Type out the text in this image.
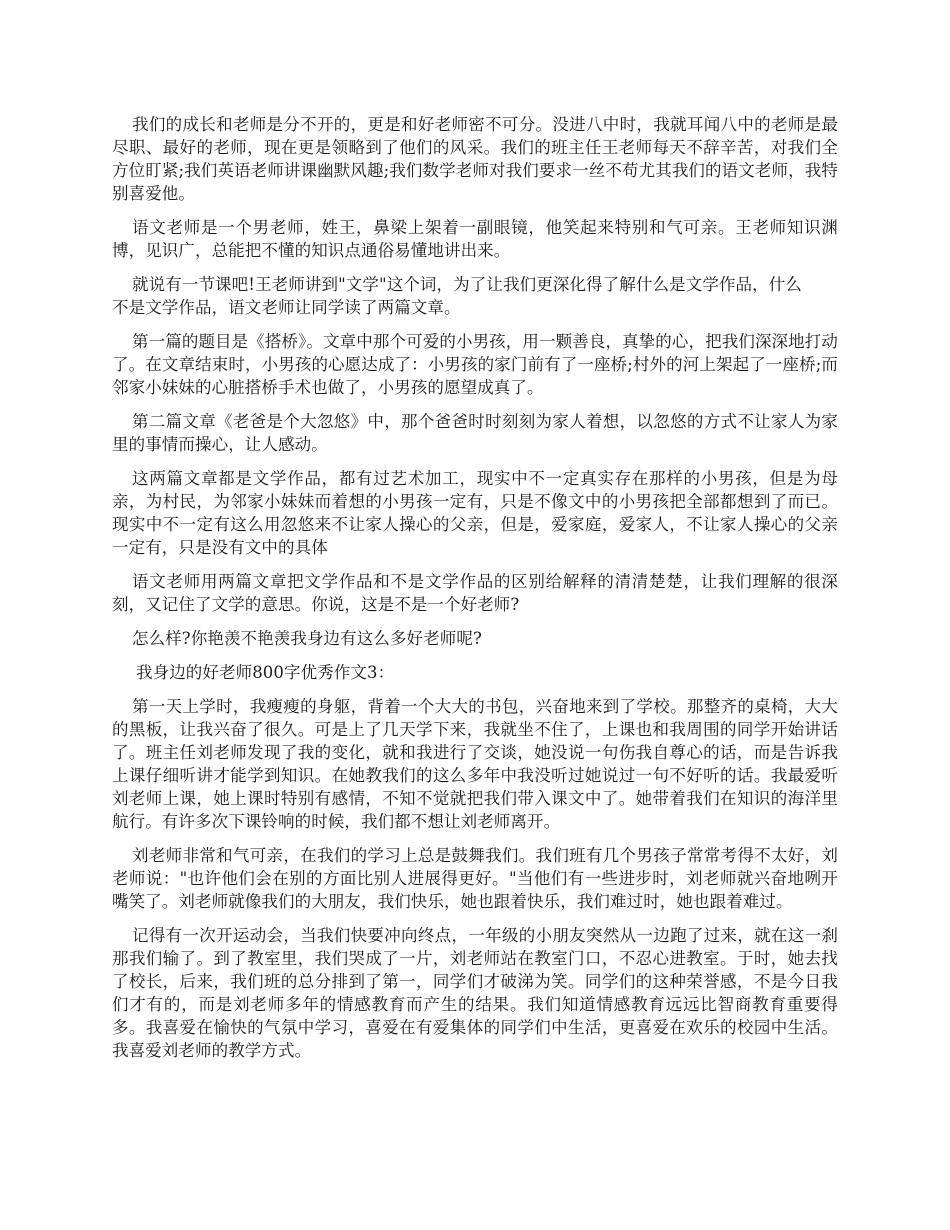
我们的成长和老师是分不开的，更是和好老师密不可分。没进八中时，我就耳闻八中的老师是最尽职、最好的老师，现在更是领略到了他们的风采。我们的班主任王老师每天不辞辛苦，对我们全方位盯紧;我们英语老师讲课幽默风趣;我们数学老师对我们要求一丝不苟尤其我们的语文老师，我特别喜爱他。

语文老师是一个男老师，姓王，鼻梁上架着一副眼镜，他笑起来特别和气可亲。王老师知识渊博，见识广，总能把不懂的知识点通俗易懂地讲出来。

就说有一节课吧!王老师讲到"文学"这个词，为了让我们更深化得了解什么是文学作品，什么不是文学作品，语文老师让同学读了两篇文章。

第一篇的题目是《搭桥》。文章中那个可爱的小男孩，用一颗善良，真挚的心，把我们深深地打动了。在文章结束时，小男孩的心愿达成了：小男孩的家门前有了一座桥;村外的河上架起了一座桥;而邻家小妹妹的心脏搭桥手术也做了，小男孩的愿望成真了。

第二篇文章《老爸是个大忽悠》中，那个爸爸时时刻刻为家人着想，以忽悠的方式不让家人为家里的事情而操心，让人感动。

这两篇文章都是文学作品，都有过艺术加工，现实中不一定真实存在那样的小男孩，但是为母亲，为村民，为邻家小妹妹而着想的小男孩一定有，只是不像文中的小男孩把全部都想到了而已。现实中不一定有这么用忽悠来不让家人操心的父亲，但是，爱家庭，爱家人，不让家人操心的父亲一定有，只是没有文中的具体

语文老师用两篇文章把文学作品和不是文学作品的区别给解释的清清楚楚，让我们理解的很深刻，又记住了文学的意思。你说，这是不是一个好老师?

怎么样?你艳羡不艳羡我身边有这么多好老师呢?

我身边的好老师800字优秀作文3：

第一天上学时，我瘦瘦的身躯，背着一个大大的书包，兴奋地来到了学校。那整齐的桌椅，大大的黑板，让我兴奋了很久。可是上了几天学下来，我就坐不住了，上课也和我周围的同学开始讲话了。班主任刘老师发现了我的变化，就和我进行了交谈，她没说一句伤我自尊心的话，而是告诉我上课仔细听讲才能学到知识。在她教我们的这么多年中我没听过她说过一句不好听的话。我最爱听刘老师上课，她上课时特别有感情，不知不觉就把我们带入课文中了。她带着我们在知识的海洋里航行。有许多次下课铃响的时候，我们都不想让刘老师离开。

刘老师非常和气可亲，在我们的学习上总是鼓舞我们。我们班有几个男孩子常常考得不太好，刘老师说："也许他们会在别的方面比别人进展得更好。"当他们有一些进步时，刘老师就兴奋地咧开嘴笑了。刘老师就像我们的大朋友，我们快乐，她也跟着快乐，我们难过时，她也跟着难过。

记得有一次开运动会，当我们快要冲向终点，一年级的小朋友突然从一边跑了过来，就在这一刹那我们输了。到了教室里，我们哭成了一片，刘老师站在教室门口，不忍心进教室。于时，她去找了校长，后来，我们班的总分排到了第一，同学们才破涕为笑。同学们的这种荣誉感，不是今日我们才有的，而是刘老师多年的情感教育而产生的结果。我们知道情感教育远远比智商教育重要得多。我喜爱在愉快的气氛中学习，喜爱在有爱集体的同学们中生活，更喜爱在欢乐的校园中生活。我喜爱刘老师的教学方式。
